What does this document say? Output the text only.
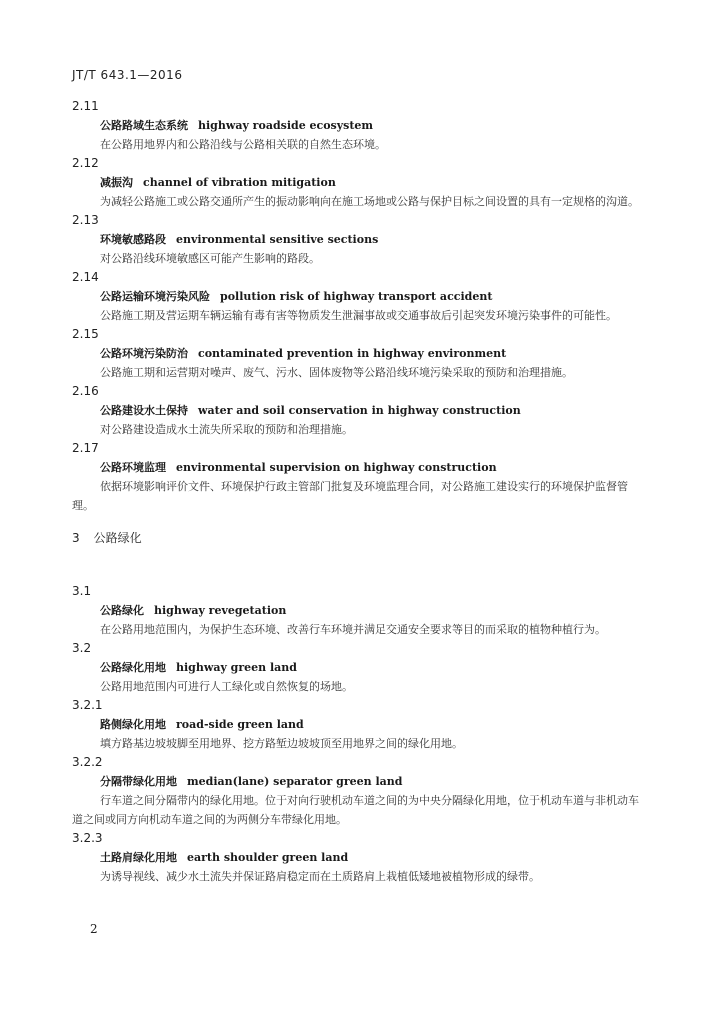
JT/T 643.1—2016
2.11
公路路域生态系统 highway roadside ecosystem

在公路用地界内和公路沿线与公路相关联的自然生态环境。

2.12
减振沟 channel of vibration mitigation

为减轻公路施工或公路交通所产生的振动影响向在施工场地或公路与保护目标之间设置的具有一定规格的沟道。

2.13
环境敏感路段 environmental sensitive sections

对公路沿线环境敏感区可能产生影响的路段。

2.14
公路运输环境污染风险 pollution risk of highway transport accident

公路施工期及营运期车辆运输有毒有害等物质发生泄漏事故或交通事故后引起突发环境污染事件的可能性。

2.15
公路环境污染防治 contaminated prevention in highway environment

公路施工期和运营期对噪声、废气、污水、固体废物等公路沿线环境污染采取的预防和治理措施。

2.16
公路建设水土保持 water and soil conservation in highway construction

对公路建设造成水土流失所采取的预防和治理措施。

2.17
公路环境监理 environmental supervision on highway construction

依据环境影响评价文件、环境保护行政主管部门批复及环境监理合同，对公路施工建设实行的环境保护监督管理。

3 公路绿化
3.1
公路绿化 highway revegetation

在公路用地范围内，为保护生态环境、改善行车环境并满足交通安全要求等目的而采取的植物种植行为。

3.2
公路绿化用地 highway green land

公路用地范围内可进行人工绿化或自然恢复的场地。

3.2.1
路侧绿化用地 road-side green land

填方路基边坡坡脚至用地界、挖方路堑边坡坡顶至用地界之间的绿化用地。

3.2.2
分隔带绿化用地 median(lane) separator green land

行车道之间分隔带内的绿化用地。位于对向行驶机动车道之间的为中央分隔绿化用地，位于机动车道与非机动车道之间或同方向机动车道之间的为两侧分车带绿化用地。

3.2.3
土路肩绿化用地 earth shoulder green land

为诱导视线、减少水土流失并保证路肩稳定而在土质路肩上栽植低矮地被植物形成的绿带。

2
